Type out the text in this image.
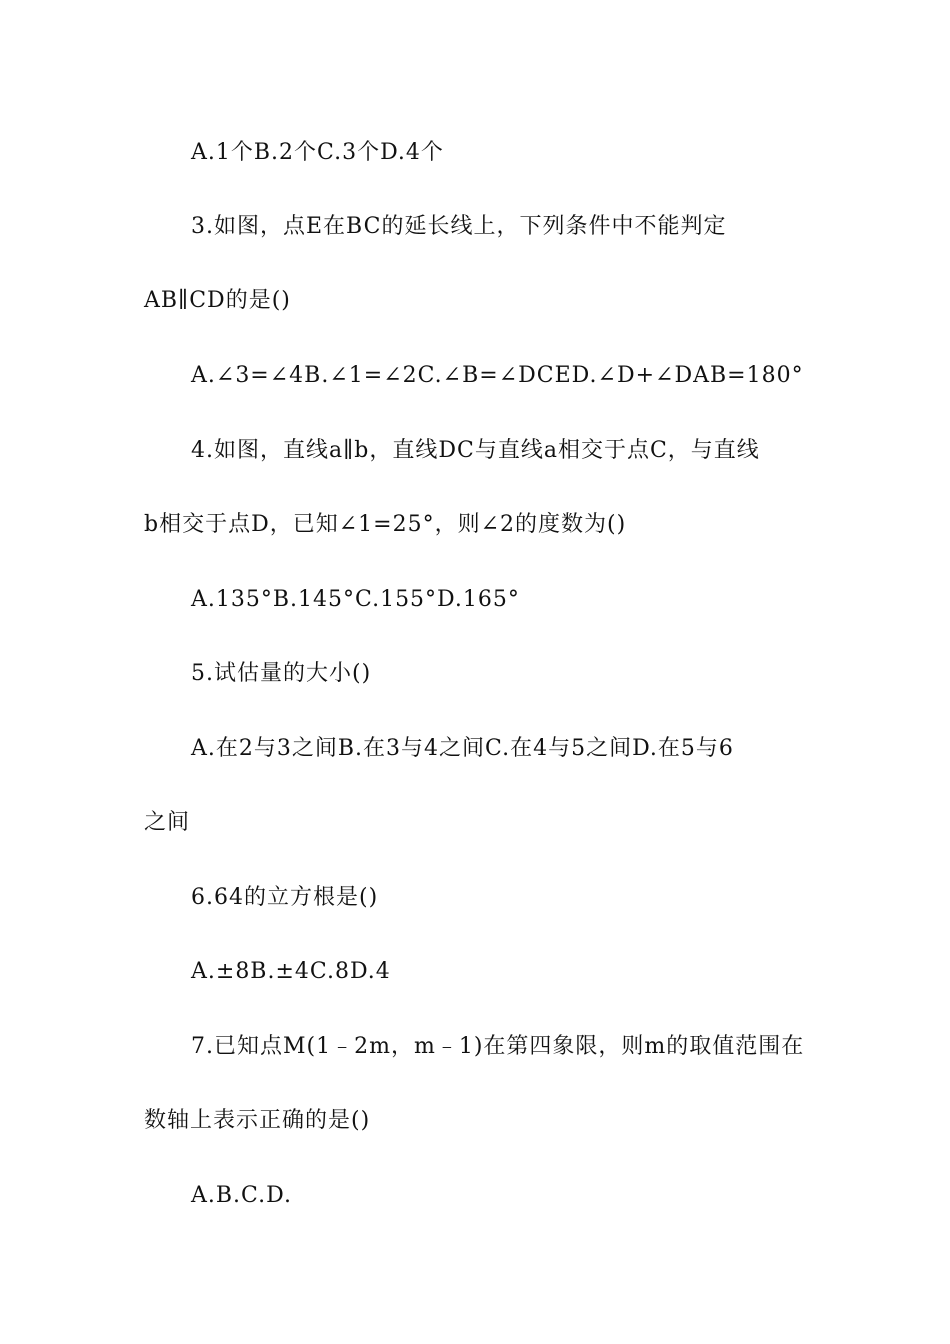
A.1个B.2个C.3个D.4个
3.如图，点E在BC的延长线上，下列条件中不能判定
AB∥CD的是()
A.∠3=∠4B.∠1=∠2C.∠B=∠DCED.∠D+∠DAB=180°
4.如图，直线a∥b，直线DC与直线a相交于点C，与直线
b相交于点D，已知∠1=25°，则∠2的度数为()
A.135°B.145°C.155°D.165°
5.试估量的大小()
A.在2与3之间B.在3与4之间C.在4与5之间D.在5与6
之间
6.64的立方根是()
A.±8B.±4C.8D.4
7.已知点M(1﹣2m，m﹣1)在第四象限，则m的取值范围在
数轴上表示正确的是()
A.B.C.D.
